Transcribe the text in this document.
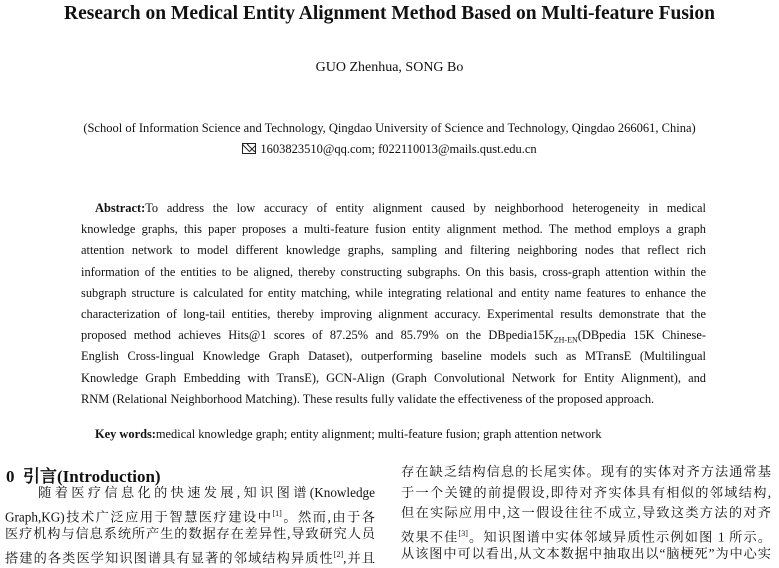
Research on Medical Entity Alignment Method Based on Multi-feature Fusion
GUO Zhenhua, SONG Bo
(School of Information Science and Technology, Qingdao University of Science and Technology, Qingdao 266061, China)
1603823510@qq.com; f022110013@mails.qust.edu.cn
Abstract:To address the low accuracy of entity alignment caused by neighborhood heterogeneity in medical
knowledge graphs, this paper proposes a multi-feature fusion entity alignment method. The method employs a graph
attention network to model different knowledge graphs, sampling and filtering neighboring nodes that reflect rich
information of the entities to be aligned, thereby constructing subgraphs. On this basis, cross-graph attention within the
subgraph structure is calculated for entity matching, while integrating relational and entity name features to enhance the
characterization of long-tail entities, thereby improving alignment accuracy. Experimental results demonstrate that the
proposed method achieves Hits@1 scores of 87.25% and 85.79% on the $DBpedia15K_{ZH-EN}(DBpedia$ 15K Chinese-
English Cross-lingual Knowledge Graph Dataset), outperforming baseline models such as MTransE (Multilingual
Knowledge Graph Embedding with TransE), GCN-Align (Graph Convolutional Network for Entity Alignment), and
RNM (Relational Neighborhood Matching). These results fully validate the effectiveness of the proposed approach.
Key words:medical knowledge graph; entity alignment; multi-feature fusion; graph attention network
0 引言(Introduction)
　　随着医疗信息化的快速发展,知识图谱(Knowledge
Graph,KG)技术广泛应用于智慧医疗建设中[1]。然而,由于各
医疗机构与信息系统所产生的数据存在差异性,导致研究人员
搭建的各类医学知识图谱具有显著的邻域结构异质性[2],并且
存在缺乏结构信息的长尾实体。现有的实体对齐方法通常基
于一个关键的前提假设,即待对齐实体具有相似的邻域结构,
但在实际应用中,这一假设往往不成立,导致这类方法的对齐
效果不佳[3]。知识图谱中实体邻域异质性示例如图 1 所示。
从该图中可以看出,从文本数据中抽取出以“脑梗死”为中心实
